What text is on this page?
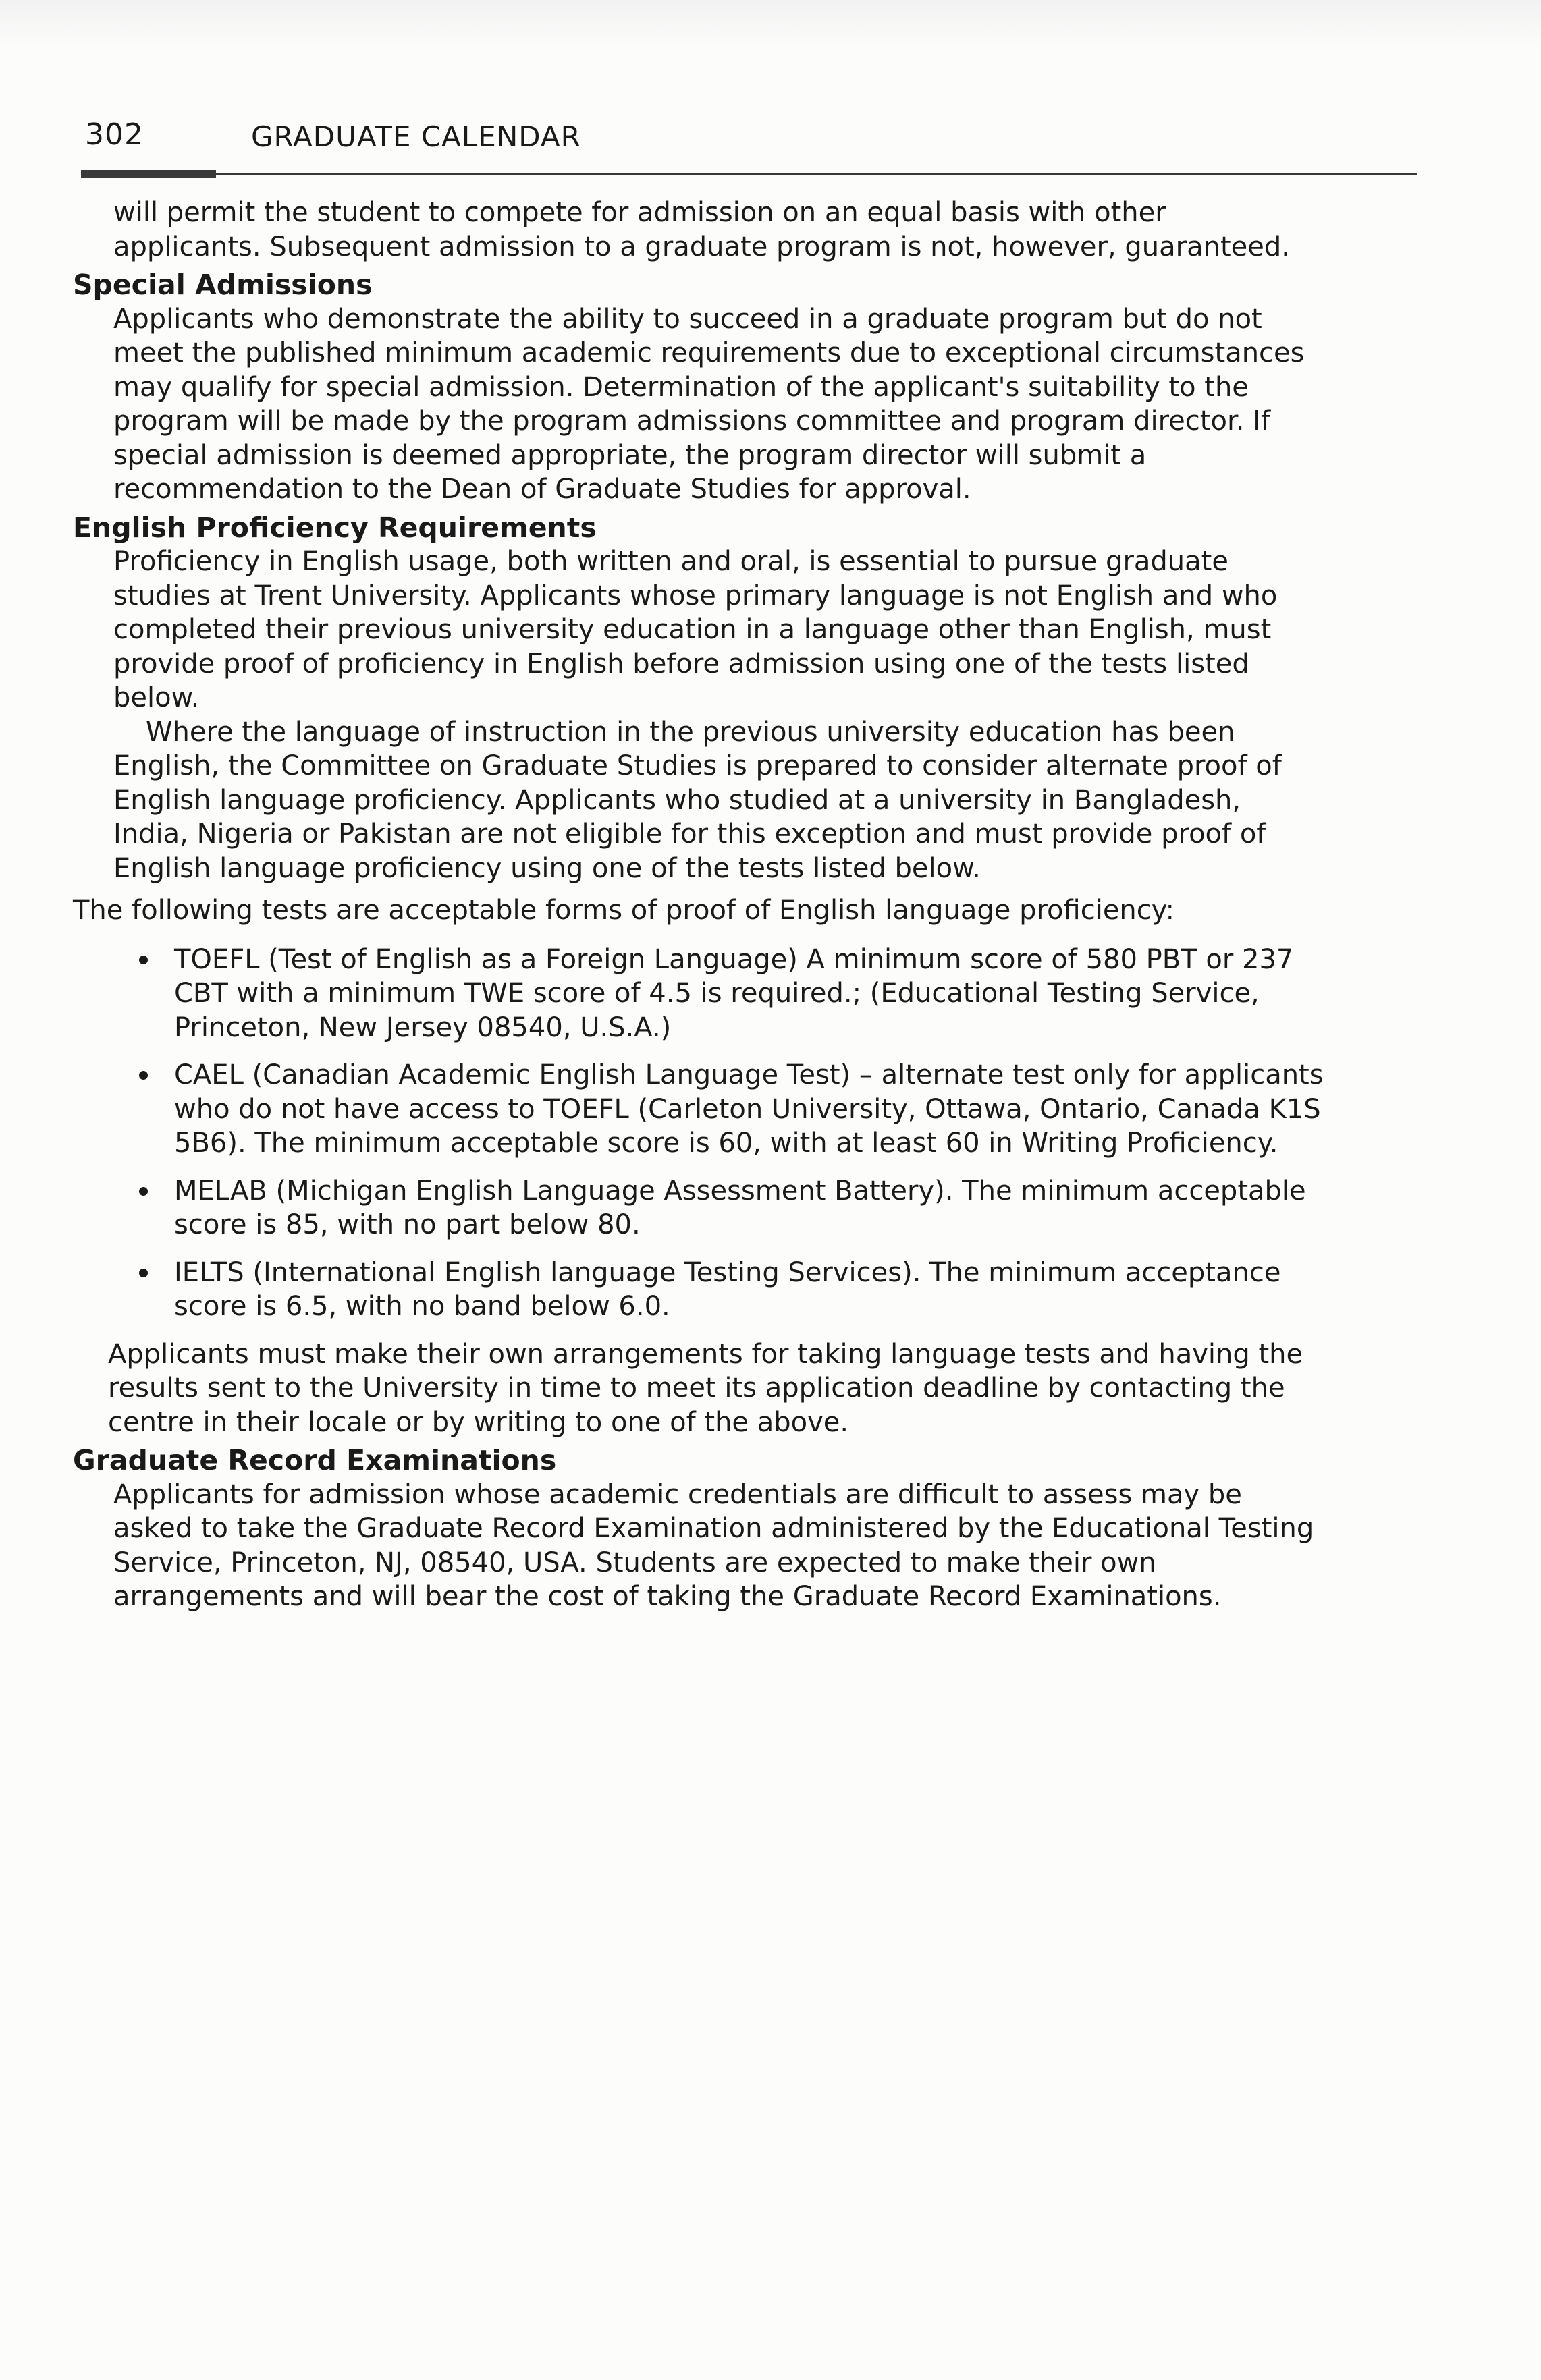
302	GRADUATE CALENDAR

will permit the student to compete for admission on an equal basis with other applicants. Subsequent admission to a graduate program is not, however, guaranteed.

Special Admissions

Applicants who demonstrate the ability to succeed in a graduate program but do not meet the published minimum academic requirements due to exceptional circumstances may qualify for special admission. Determination of the applicant's suitability to the program will be made by the program admissions committee and program director. If special admission is deemed appropriate, the program director will submit a recommendation to the Dean of Graduate Studies for approval.

English Proficiency Requirements

Proficiency in English usage, both written and oral, is essential to pursue graduate studies at Trent University. Applicants whose primary language is not English and who completed their previous university education in a language other than English, must provide proof of proficiency in English before admission using one of the tests listed below.

Where the language of instruction in the previous university education has been English, the Committee on Graduate Studies is prepared to consider alternate proof of English language proficiency. Applicants who studied at a university in Bangladesh, India, Nigeria or Pakistan are not eligible for this exception and must provide proof of English language proficiency using one of the tests listed below.

The following tests are acceptable forms of proof of English language proficiency:

TOEFL (Test of English as a Foreign Language) A minimum score of 580 PBT or 237 CBT with a minimum TWE score of 4.5 is required.; (Educational Testing Service, Princeton, New Jersey 08540, U.S.A.)
CAEL (Canadian Academic English Language Test) – alternate test only for applicants who do not have access to TOEFL (Carleton University, Ottawa, Ontario, Canada K1S 5B6). The minimum acceptable score is 60, with at least 60 in Writing Proficiency.
MELAB (Michigan English Language Assessment Battery). The minimum acceptable score is 85, with no part below 80.
IELTS (International English language Testing Services). The minimum acceptance score is 6.5, with no band below 6.0.

Applicants must make their own arrangements for taking language tests and having the results sent to the University in time to meet its application deadline by contacting the centre in their locale or by writing to one of the above.

Graduate Record Examinations

Applicants for admission whose academic credentials are difficult to assess may be asked to take the Graduate Record Examination administered by the Educational Testing Service, Princeton, NJ, 08540, USA. Students are expected to make their own arrangements and will bear the cost of taking the Graduate Record Examinations.
